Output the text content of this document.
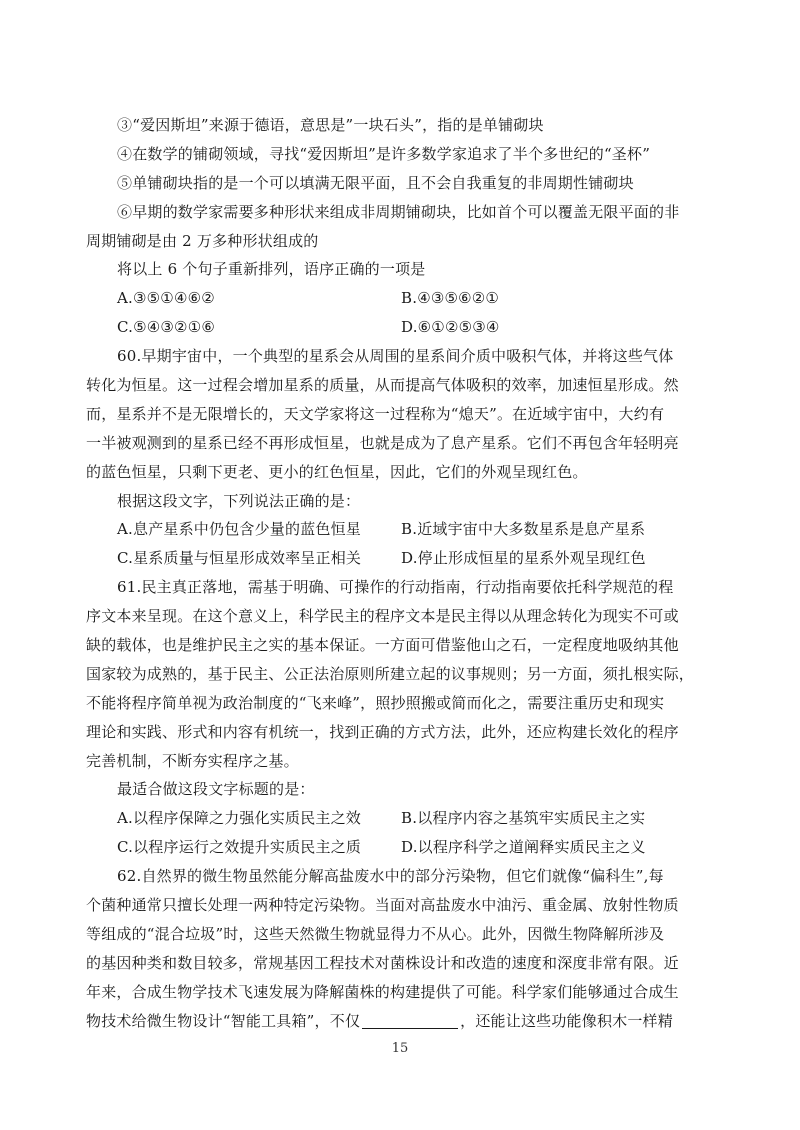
③“爱因斯坦”来源于德语，意思是”一块石头”，指的是单铺砌块
④在数学的铺砌领域，寻找“爱因斯坦”是许多数学家追求了半个多世纪的“圣杯”
⑤单铺砌块指的是一个可以填满无限平面，且不会自我重复的非周期性铺砌块
⑥早期的数学家需要多种形状来组成非周期铺砌块，比如首个可以覆盖无限平面的非
周期铺砌是由 2 万多种形状组成的
将以上 6 个句子重新排列，语序正确的一项是
A.③⑤①④⑥②	B.④③⑤⑥②①
C.⑤④③②①⑥	D.⑥①②⑤③④
60.早期宇宙中，一个典型的星系会从周围的星系间介质中吸积气体，并将这些气体
转化为恒星。这一过程会增加星系的质量，从而提高气体吸积的效率，加速恒星形成。然
而，星系并不是无限增长的，天文学家将这一过程称为“熄天”。在近域宇宙中，大约有
一半被观测到的星系已经不再形成恒星，也就是成为了息产星系。它们不再包含年轻明亮
的蓝色恒星，只剩下更老、更小的红色恒星，因此，它们的外观呈现红色。
根据这段文字，下列说法正确的是：
A.息产星系中仍包含少量的蓝色恒星	B.近域宇宙中大多数星系是息产星系
C.星系质量与恒星形成效率呈正相关	D.停止形成恒星的星系外观呈现红色
61.民主真正落地，需基于明确、可操作的行动指南，行动指南要依托科学规范的程
序文本来呈现。在这个意义上，科学民主的程序文本是民主得以从理念转化为现实不可或
缺的载体，也是维护民主之实的基本保证。一方面可借鉴他山之石，一定程度地吸纳其他
国家较为成熟的，基于民主、公正法治原则所建立起的议事规则；另一方面，须扎根实际，
不能将程序简单视为政治制度的“飞来峰”，照抄照搬或简而化之，需要注重历史和现实
理论和实践、形式和内容有机统一，找到正确的方式方法，此外，还应构建长效化的程序
完善机制，不断夯实程序之基。
最适合做这段文字标题的是：
A.以程序保障之力强化实质民主之效	B.以程序内容之基筑牢实质民主之实
C.以程序运行之效提升实质民主之质	D.以程序科学之道阐释实质民主之义
62.自然界的微生物虽然能分解高盐废水中的部分污染物，但它们就像“偏科生”,每
个菌种通常只擅长处理一两种特定污染物。当面对高盐废水中油污、重金属、放射性物质
等组成的“混合垃圾”时，这些天然微生物就显得力不从心。此外，因微生物降解所涉及
的基因种类和数目较多，常规基因工程技术对菌株设计和改造的速度和深度非常有限。近
年来，合成生物学技术飞速发展为降解菌株的构建提供了可能。科学家们能够通过合成生
物技术给微生物设计“智能工具箱”，不仅	，还能让这些功能像积木一样精
15
